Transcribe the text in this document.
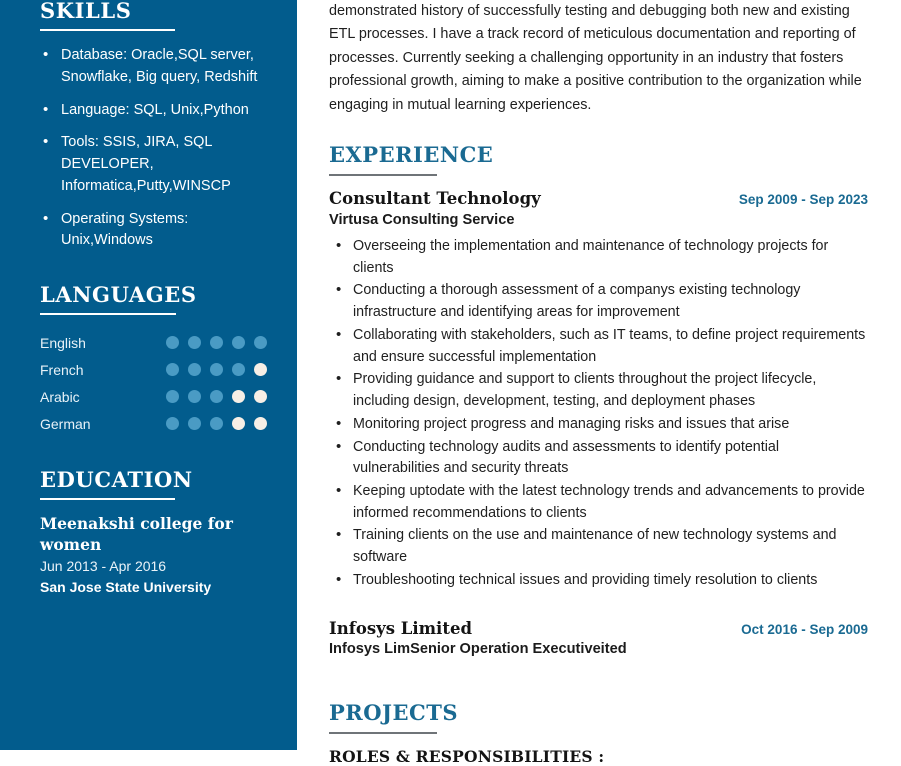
SKILLS
• Database: Oracle,SQL server, Snowflake, Big query, Redshift
• Language: SQL, Unix,Python
• Tools: SSIS, JIRA, SQL DEVELOPER, Informatica,Putty,WINSCP
• Operating Systems: Unix,Windows
LANGUAGES
English
French
Arabic
German
EDUCATION

Meenakshi college for women

Jun 2013 - Apr 2016

San Jose State University

demonstrated history of successfully testing and debugging both new and existing ETL processes. I have a track record of meticulous documentation and reporting of processes. Currently seeking a challenging opportunity in an industry that fosters professional growth, aiming to make a positive contribution to the organization while engaging in mutual learning experiences.

EXPERIENCE
Consultant Technology	Sep 2009 - Sep 2023

Virtusa Consulting Service

• Overseeing the implementation and maintenance of technology projects for clients
• Conducting a thorough assessment of a companys existing technology infrastructure and identifying areas for improvement
• Collaborating with stakeholders, such as IT teams, to define project requirements and ensure successful implementation
• Providing guidance and support to clients throughout the project lifecycle, including design, development, testing, and deployment phases
• Monitoring project progress and managing risks and issues that arise
• Conducting technology audits and assessments to identify potential vulnerabilities and security threats
• Keeping uptodate with the latest technology trends and advancements to provide informed recommendations to clients
• Training clients on the use and maintenance of new technology systems and software
• Troubleshooting technical issues and providing timely resolution to clients
Infosys Limited	Oct 2016 - Sep 2009

Infosys LimSenior Operation Executiveited

PROJECTS

ROLES & RESPONSIBILITIES :
